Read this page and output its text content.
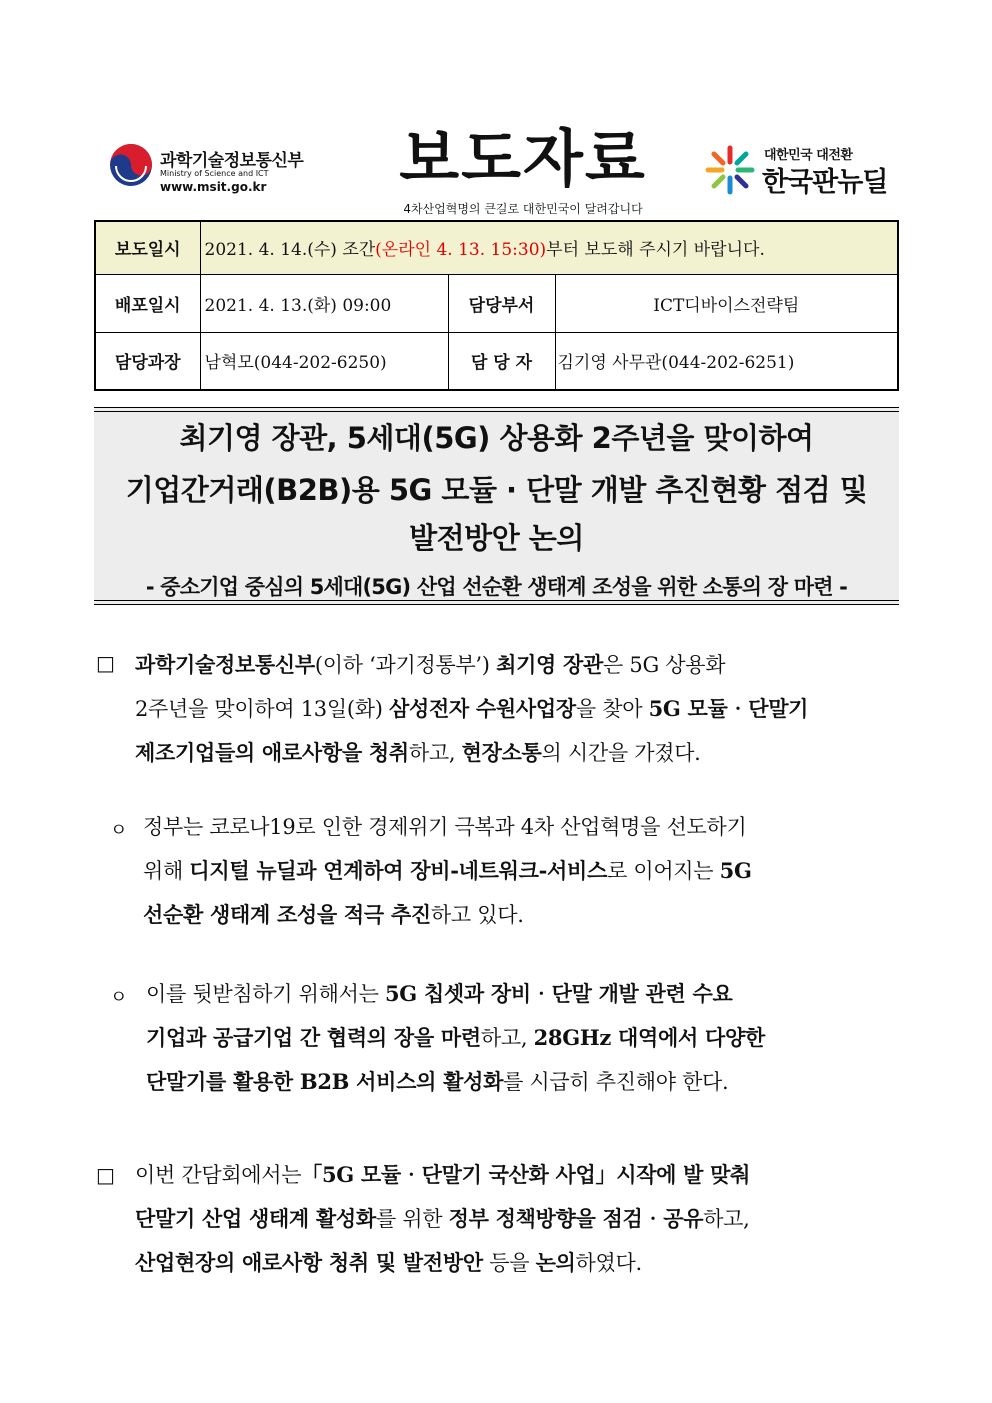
과학기술정보통신부
Ministry of Science and ICT
www.msit.go.kr 보도자료
4차산업혁명의 큰길로 대한민국이 달려갑니다
대한민국 대전환
한국판뉴딜
보도일시	2021. 4. 14.(수) 조간(온라인 4. 13. 15:30)부터 보도해 주시기 바랍니다.		
배포일시	2021. 4. 13.(화) 09:00	담당부서	ICT디바이스전략팀
담당과장	남혁모(044-202-6250)	담 당 자	김기영 사무관(044-202-6251)
최기영 장관, 5세대(5G) 상용화 2주년을 맞이하여
기업간거래(B2B)용 5G 모듈 · 단말 개발 추진현황 점검 및
발전방안 논의
- 중소기업 중심의 5세대(5G) 산업 선순환 생태계 조성을 위한 소통의 장 마련 -
□ 과학기술정보통신부(이하 ‘과기정통부’) 최기영 장관은 5G 상용화
2주년을 맞이하여 13일(화) 삼성전자 수원사업장을 찾아 5G 모듈‧단말기
제조기업들의 애로사항을 청취하고, 현장소통의 시간을 가졌다.
ㅇ 정부는 코로나19로 인한 경제위기 극복과 4차 산업혁명을 선도하기
위해 디지털 뉴딜과 연계하여 장비-네트워크-서비스로 이어지는 5G
선순환 생태계 조성을 적극 추진하고 있다.
ㅇ 이를 뒷받침하기 위해서는 5G 칩셋과 장비‧단말 개발 관련 수요
기업과 공급기업 간 협력의 장을 마련하고, 28GHz 대역에서 다양한
단말기를 활용한 B2B 서비스의 활성화를 시급히 추진해야 한다.
□ 이번 간담회에서는「5G 모듈‧단말기 국산화 사업」시작에 발 맞춰
단말기 산업 생태계 활성화를 위한 정부 정책방향을 점검‧공유하고,
산업현장의 애로사항 청취 및 발전방안 등을 논의하였다.
